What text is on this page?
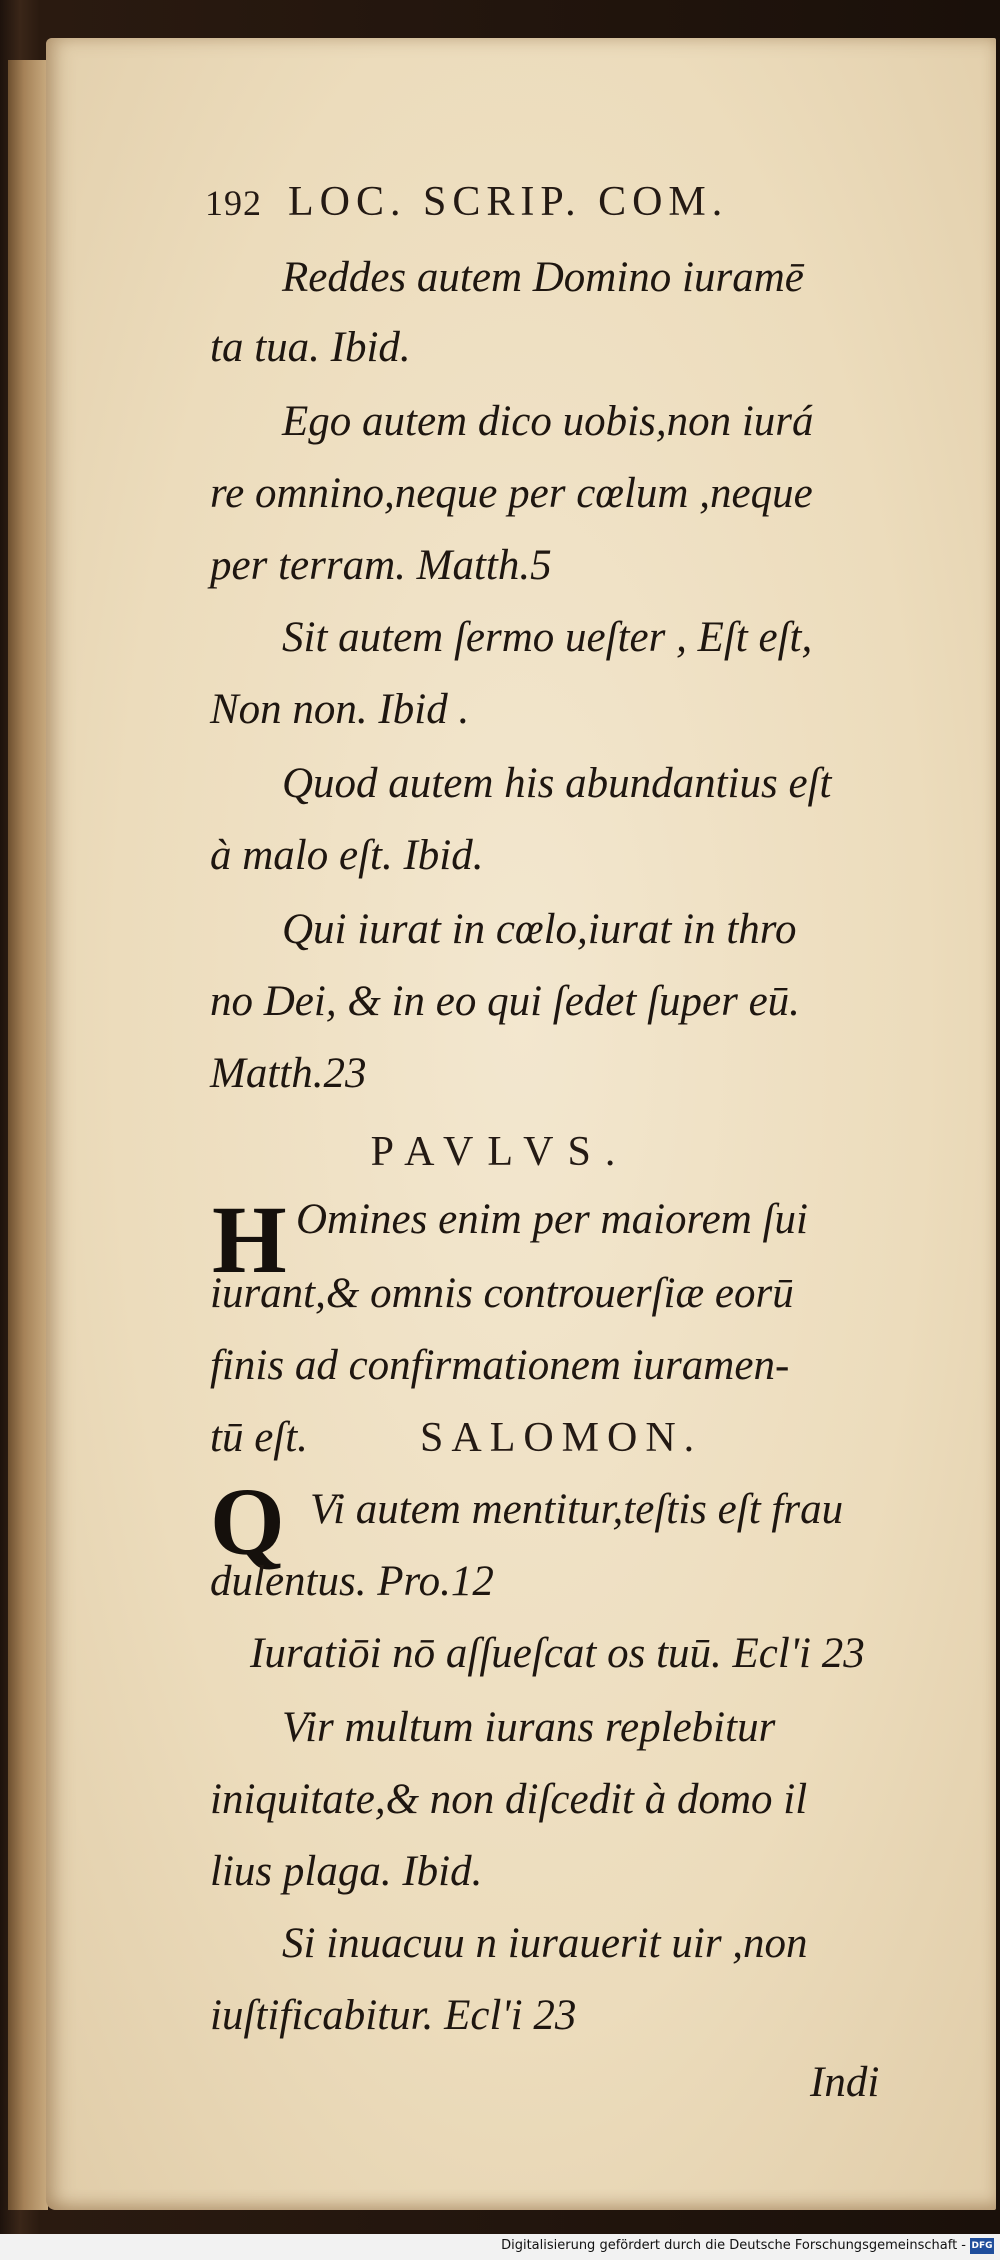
192 LOC. SCRIP. COM.
Reddes autem Domino iuramē
ta tua. Ibid.
Ego autem dico uobis,non iurá
re omnino,neque per cœlum ,neque
per terram. Matth.5
Sit autem ſermo ueſter , Eſt eſt,
Non non. Ibid .
Quod autem his abundantius eſt
à malo eſt. Ibid.
Qui iurat in cœlo,iurat in thro
no Dei, & in eo qui ſedet ſuper eū.
Matth.23
PAVLVS.
H Omines enim per maiorem ſui
iurant,& omnis controuerſiæ eorū
finis ad confirmationem iuramen-
tū eſt.	SALOMON.
Q Vi autem mentitur,teſtis eſt frau
dulentus. Pro.12
Iuratiōi nō aſſueſcat os tuū. Ecl'i 23
Vir multum iurans replebitur
iniquitate,& non diſcedit à domo il
lius plaga. Ibid.
Si inuacuu n iurauerit uir ,non
iuſtificabitur. Ecl'i 23
Indi
Digitalisierung gefördert durch die Deutsche Forschungsgemeinschaft - DFG
